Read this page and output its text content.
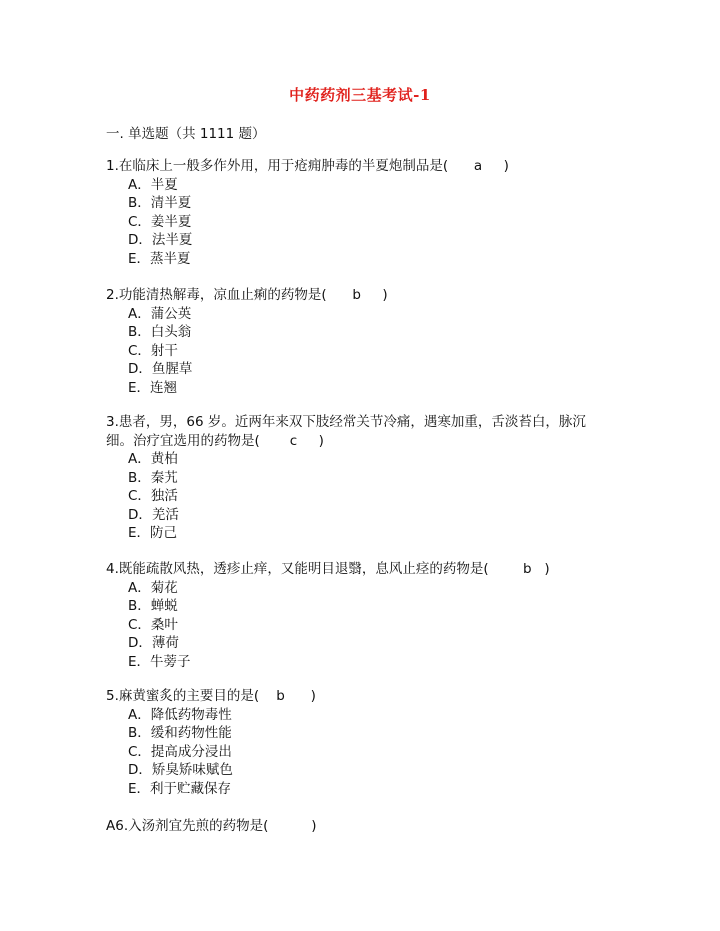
中药药剂三基考试-1
一. 单选题（共 1111 题）
1.在临床上一般多作外用，用于疮痈肿毒的半夏炮制品是(      a     )
A．半夏
B．清半夏
C．姜半夏
D．法半夏
E．蒸半夏
2.功能清热解毒，凉血止痢的药物是(      b     )
A．蒲公英
B．白头翁
C．射干
D．鱼腥草
E．连翘
3.患者，男，66 岁。近两年来双下肢经常关节冷痛，遇寒加重，舌淡苔白，脉沉
细。治疗宜选用的药物是(       c     )
A．黄柏
B．秦艽
C．独活
D．羌活
E．防己
4.既能疏散风热，透疹止痒，又能明目退翳，息风止痉的药物是(        b   )
A．菊花
B．蝉蜕
C．桑叶
D．薄荷
E．牛蒡子
5.麻黄蜜炙的主要目的是(    b      )
A．降低药物毒性
B．缓和药物性能
C．提高成分浸出
D．矫臭矫味赋色
E．利于贮藏保存
A6.入汤剂宜先煎的药物是(          )
